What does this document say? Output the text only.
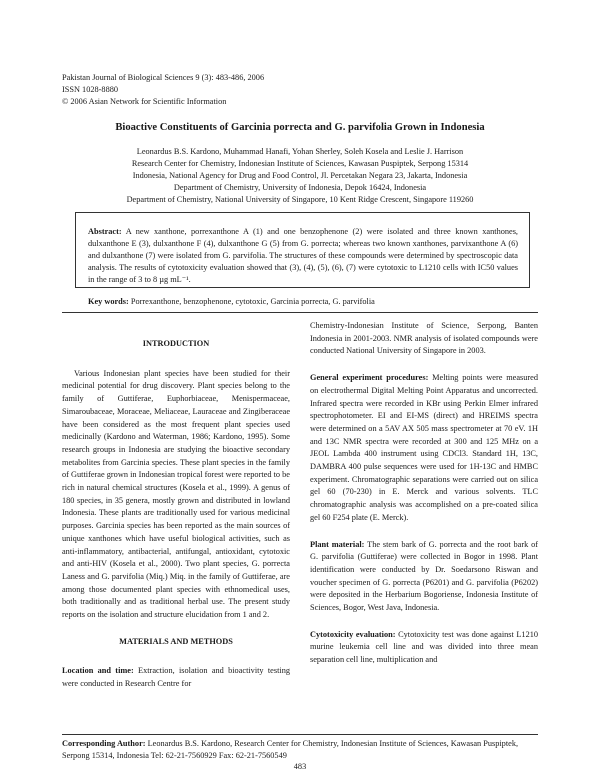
Pakistan Journal of Biological Sciences 9 (3): 483-486, 2006
ISSN 1028-8880
© 2006 Asian Network for Scientific Information
Bioactive Constituents of Garcinia porrecta and G. parvifolia Grown in Indonesia
Leonardus B.S. Kardono, Muhammad Hanafi, Yohan Sherley, Soleh Kosela and Leslie J. Harrison
Research Center for Chemistry, Indonesian Institute of Sciences, Kawasan Puspiptek, Serpong 15314
Indonesia, National Agency for Drug and Food Control, Jl. Percetakan Negara 23, Jakarta, Indonesia
Department of Chemistry, University of Indonesia, Depok 16424, Indonesia
Department of Chemistry, National University of Singapore, 10 Kent Ridge Crescent, Singapore 119260
Abstract: A new xanthone, porrexanthone A (1) and one benzophenone (2) were isolated and three known xanthones, dulxanthone E (3), dulxanthone F (4), dulxanthone G (5) from G. porrecta; whereas two known xanthones, parvixanthone A (6) and dulxanthone (7) were isolated from G. parvifolia. The structures of these compounds were determined by spectroscopic data analysis. The results of cytotoxicity evaluation showed that (3), (4), (5), (6), (7) were cytotoxic to L1210 cells with IC50 values in the range of 3 to 8 µg mL⁻¹.
Key words: Porrexanthone, benzophenone, cytotoxic, Garcinia porrecta, G. parvifolia
INTRODUCTION

Various Indonesian plant species have been studied for their medicinal potential for drug discovery. Plant species belong to the family of Guttiferae, Euphorbiaceae, Menispermaceae, Simaroubaceae, Moraceae, Meliaceae, Lauraceae and Zingiberaceae have been considered as the most frequent plant species used medicinally (Kardono and Waterman, 1986; Kardono, 1995). Some research groups in Indonesia are studying the bioactive secondary metabolites from Garcinia species. These plant species in the family of Guttiferae grown in Indonesian tropical forest were reported to be rich in natural chemical structures (Kosela et al., 1999). A genus of 180 species, in 35 genera, mostly grown and distributed in lowland Indonesia. These plants are traditionally used for various medicinal purposes. Garcinia species has been reported as the main sources of unique xanthones which have useful biological activities, such as anti-inflammatory, antibacterial, antifungal, antioxidant, cytotoxic and anti-HIV (Kosela et al., 2000). Two plant species, G. porrecta Laness and G. parvifolia (Miq.) Miq. in the family of Guttiferae, are among those documented plant species with ethnomedical uses, both traditionally and as traditional herbal use. The present study reports on the isolation and structure elucidation from 1 and 2.

MATERIALS AND METHODS

Location and time: Extraction, isolation and bioactivity testing were conducted in Research Centre for

Chemistry-Indonesian Institute of Science, Serpong, Banten Indonesia in 2001-2003. NMR analysis of isolated compounds were conducted National University of Singapore in 2003.

General experiment procedures: Melting points were measured on electrothermal Digital Melting Point Apparatus and uncorrected. Infrared spectra were recorded in KBr using Perkin Elmer infrared spectrophotometer. EI and EI-MS (direct) and HREIMS spectra were determined on a 5AV AX 505 mass spectrometer at 70 eV. 1H and 13C NMR spectra were recorded at 300 and 125 MHz on a JEOL Lambda 400 instrument using CDCl3. Standard 1H, 13C, DAMBRA 400 pulse sequences were used for 1H-13C and HMBC experiment. Chromatographic separations were carried out on silica gel 60 (70-230) in E. Merck and various solvents. TLC chromatographic analysis was accomplished on a pre-coated silica gel 60 F254 plate (E. Merck).

Plant material: The stem bark of G. porrecta and the root bark of G. parvifolia (Guttiferae) were collected in Bogor in 1998. Plant identification were conducted by Dr. Soedarsono Riswan and voucher specimen of G. porrecta (P6201) and G. parvifolia (P6202) were deposited in the Herbarium Bogoriense, Indonesia Institute of Sciences, Bogor, West Java, Indonesia.

Cytotoxicity evaluation: Cytotoxicity test was done against L1210 murine leukemia cell line and was divided into three mean separation cell line, multiplication and

Corresponding Author: Leonardus B.S. Kardono, Research Center for Chemistry, Indonesian Institute of Sciences, Kawasan Puspiptek, Serpong 15314, Indonesia Tel: 62-21-7560929 Fax: 62-21-7560549
483
